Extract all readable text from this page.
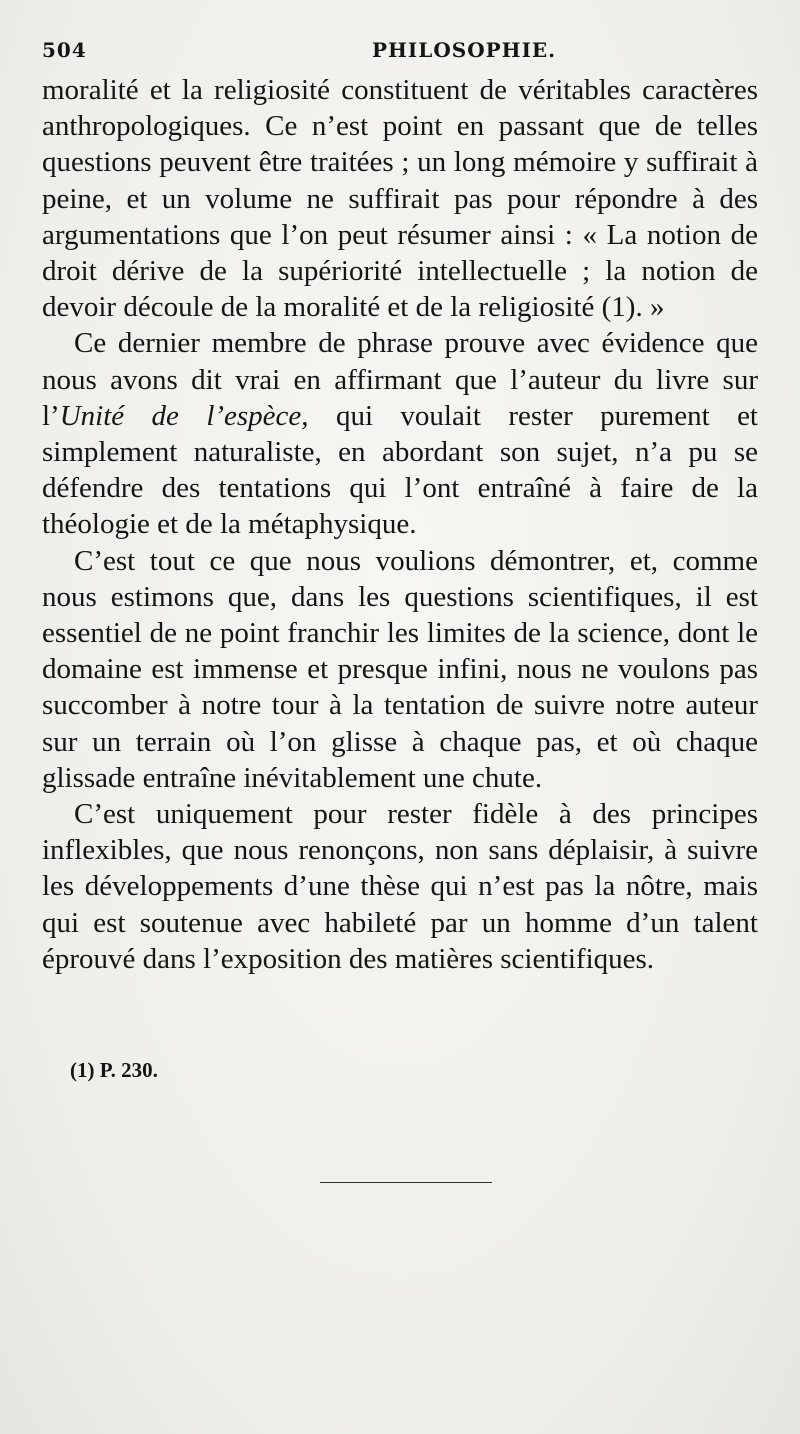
504	PHILOSOPHIE.

moralité et la religiosité constituent de véritables caractères anthropologiques. Ce n’est point en passant que de telles questions peuvent être traitées ; un long mémoire y suffirait à peine, et un volume ne suffirait pas pour répondre à des argumentations que l’on peut résumer ainsi : « La notion de droit dérive de la supériorité intellectuelle ; la notion de devoir découle de la moralité et de la religiosité (1). »

Ce dernier membre de phrase prouve avec évidence que nous avons dit vrai en affirmant que l’auteur du livre sur l’Unité de l’espèce, qui voulait rester purement et simplement naturaliste, en abordant son sujet, n’a pu se défendre des tentations qui l’ont entraîné à faire de la théologie et de la métaphysique.

C’est tout ce que nous voulions démontrer, et, comme nous estimons que, dans les questions scientifiques, il est essentiel de ne point franchir les limites de la science, dont le domaine est immense et presque infini, nous ne voulons pas succomber à notre tour à la tentation de suivre notre auteur sur un terrain où l’on glisse à chaque pas, et où chaque glissade entraîne inévitablement une chute.

C’est uniquement pour rester fidèle à des principes inflexibles, que nous renonçons, non sans déplaisir, à suivre les développements d’une thèse qui n’est pas la nôtre, mais qui est soutenue avec habileté par un homme d’un talent éprouvé dans l’exposition des matières scientifiques.

(1) P. 230.
